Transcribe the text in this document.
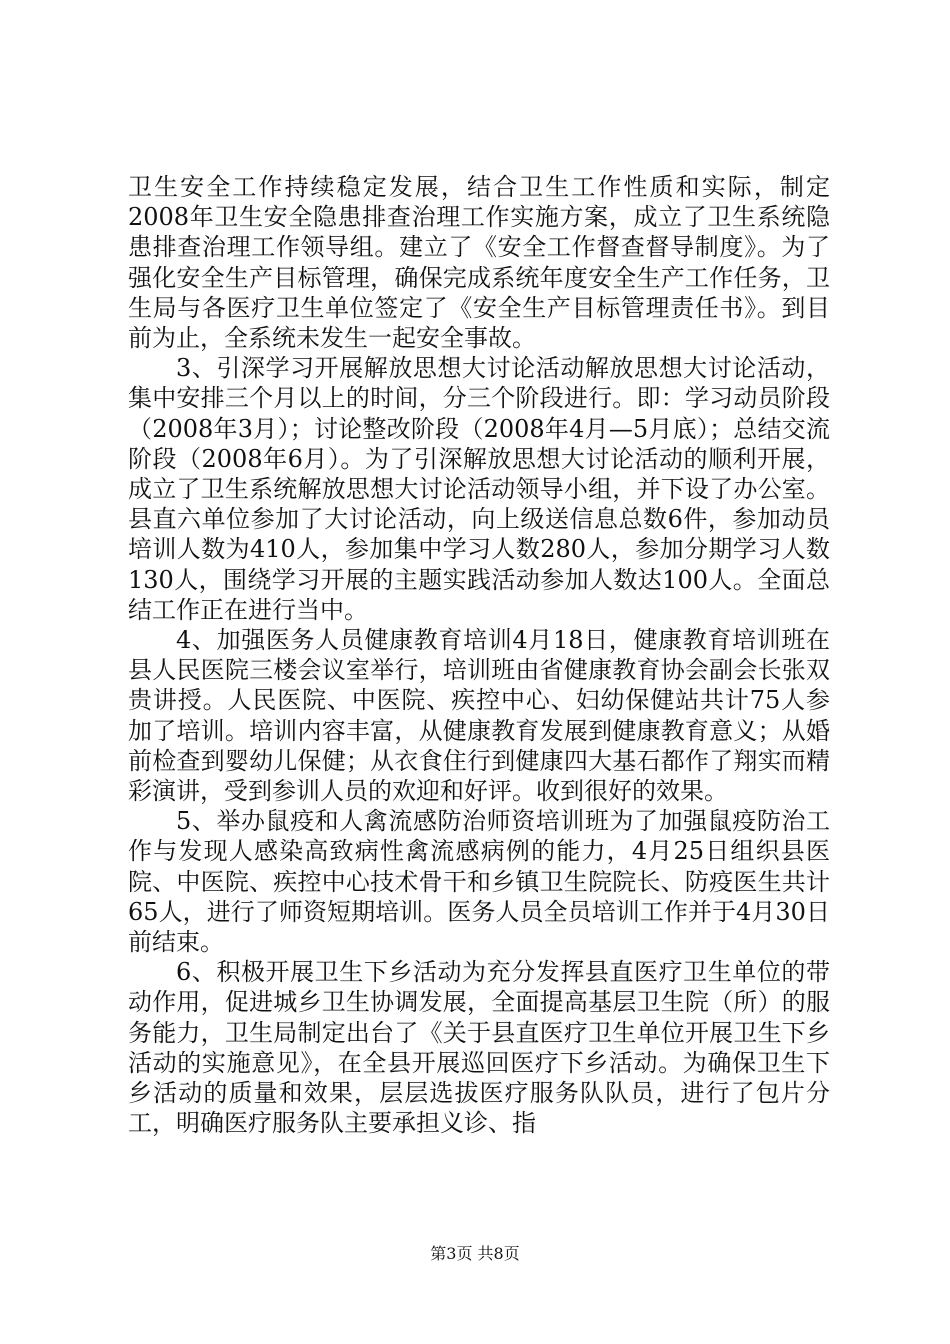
卫生安全工作持续稳定发展，结合卫生工作性质和实际，制定2008年卫生安全隐患排查治理工作实施方案，成立了卫生系统隐患排查治理工作领导组。建立了《安全工作督查督导制度》。为了强化安全生产目标管理，确保完成系统年度安全生产工作任务，卫生局与各医疗卫生单位签定了《安全生产目标管理责任书》。到目前为止，全系统未发生一起安全事故。

3、引深学习开展解放思想大讨论活动解放思想大讨论活动，集中安排三个月以上的时间，分三个阶段进行。即：学习动员阶段（2008年3月）；讨论整改阶段（2008年4月—5月底）；总结交流阶段（2008年6月）。为了引深解放思想大讨论活动的顺利开展，成立了卫生系统解放思想大讨论活动领导小组，并下设了办公室。县直六单位参加了大讨论活动，向上级送信息总数6件，参加动员培训人数为410人，参加集中学习人数280人，参加分期学习人数130人，围绕学习开展的主题实践活动参加人数达100人。全面总结工作正在进行当中。

4、加强医务人员健康教育培训4月18日，健康教育培训班在县人民医院三楼会议室举行，培训班由省健康教育协会副会长张双贵讲授。人民医院、中医院、疾控中心、妇幼保健站共计75人参加了培训。培训内容丰富，从健康教育发展到健康教育意义；从婚前检查到婴幼儿保健；从衣食住行到健康四大基石都作了翔实而精彩演讲，受到参训人员的欢迎和好评。收到很好的效果。

5、举办鼠疫和人禽流感防治师资培训班为了加强鼠疫防治工作与发现人感染高致病性禽流感病例的能力，4月25日组织县医院、中医院、疾控中心技术骨干和乡镇卫生院院长、防疫医生共计65人，进行了师资短期培训。医务人员全员培训工作并于4月30日前结束。

6、积极开展卫生下乡活动为充分发挥县直医疗卫生单位的带动作用，促进城乡卫生协调发展，全面提高基层卫生院（所）的服务能力，卫生局制定出台了《关于县直医疗卫生单位开展卫生下乡活动的实施意见》，在全县开展巡回医疗下乡活动。为确保卫生下乡活动的质量和效果，层层选拔医疗服务队队员，进行了包片分工，明确医疗服务队主要承担义诊、指

第3页 共8页
